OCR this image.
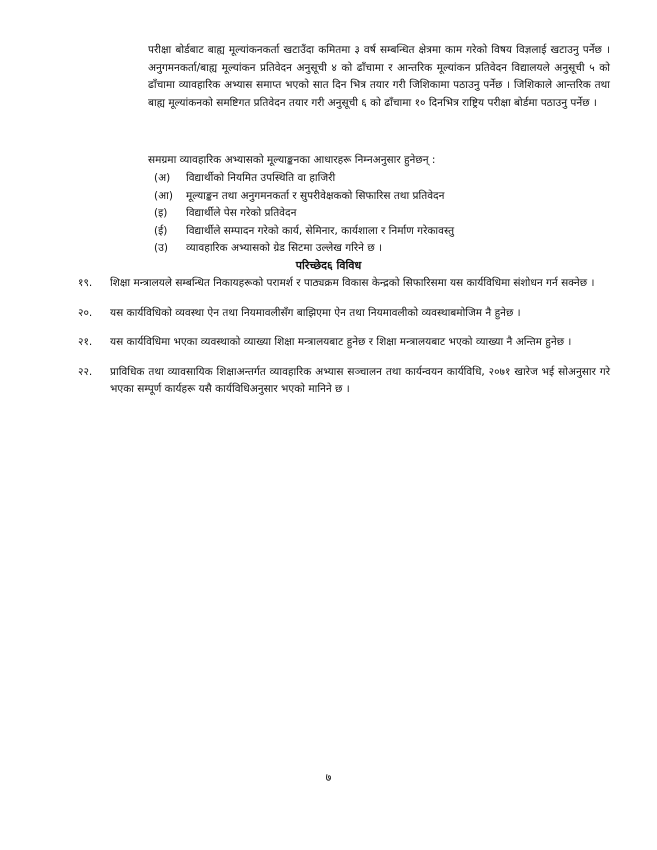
परीक्षा बोर्डबाट बाह्य मूल्यांकनकर्ता खटाउँदा कमितमा ३ वर्ष सम्बन्धित क्षेत्रमा काम गरेको विषय विज्ञलाई खटाउनु पर्नेछ ।अनुगमनकर्ता/बाह्य मूल्यांकन प्रतिवेदन अनुसूची ४ को ढाँचामा र आन्तरिक मूल्यांकन प्रतिवेदन विद्यालयले अनुसूची ५ को ढाँचामा व्यावहारिक अभ्यास समाप्त भएको सात दिन भित्र तयार गरी जिशिकामा पठाउनु पर्नेछ । जिशिकाले आन्तरिक तथा बाह्य मूल्यांकनको समष्टिगत प्रतिवेदन तयार गरी अनुसूची ६ को ढाँचामा १० दिनभित्र राष्ट्रिय परीक्षा बोर्डमा पठाउनु पर्नेछ ।
समग्रमा व्यावहारिक अभ्यासको मूल्याङ्कनका आधारहरू निम्नअनुसार हुनेछन् :
(अ)	विद्यार्थीको नियमित उपस्थिति वा हाजिरी
(आ)	मूल्याङ्कन तथा अनुगमनकर्ता र सुपरीवेक्षकको सिफारिस तथा प्रतिवेदन
(इ)	विद्यार्थीले पेस गरेको प्रतिवेदन
(ई)	विद्यार्थीले सम्पादन गरेको कार्य, सेमिनार, कार्यशाला र निर्माण गरेकावस्तु
(उ)	व्यावहारिक अभ्यासको ग्रेड सिटमा उल्लेख गरिने छ ।
परिच्छेद६ विविध
१९.	शिक्षा मन्त्रालयले सम्बन्धित निकायहरूको परामर्श र पाठ्यक्रम विकास केन्द्रको सिफारिसमा यस कार्यविधिमा संशोधन गर्न सक्नेछ ।
२०.	यस कार्यविधिको व्यवस्था ऐन तथा नियमावलीसँग बाझिएमा ऐन तथा नियमावलीको व्यवस्थाबमोजिम नै हुनेछ ।
२१.	यस कार्यविधिमा भएका व्यवस्थाको व्याख्या शिक्षा मन्त्रालयबाट हुनेछ र शिक्षा मन्त्रालयबाट भएको व्याख्या नै अन्तिम हुनेछ ।
२२.	प्राविधिक तथा व्यावसायिक शिक्षाअन्तर्गत व्यावहारिक अभ्यास सञ्चालन तथा कार्यन्वयन कार्यविधि, २०७१ खारेज भई सोअनुसार गरे भएका सम्पूर्ण कार्यहरू यसै कार्यविधिअनुसार भएको मानिने छ ।
७
